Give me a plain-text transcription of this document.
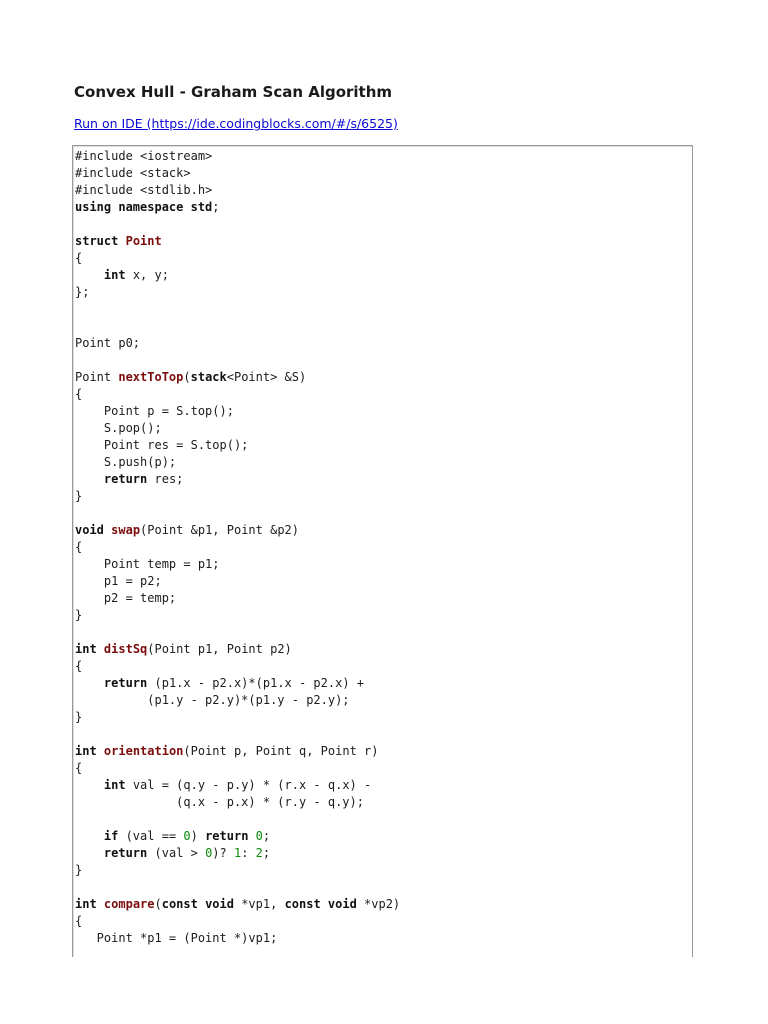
Convex Hull - Graham Scan Algorithm
Run on IDE (https://ide.codingblocks.com/#/s/6525)
#include <iostream>
#include <stack>
#include <stdlib.h>
using namespace std;

struct Point
{
int x, y;
};

Point p0;

Point nextToTop(stack<Point> &S)
{
Point p = S.top();
S.pop();
Point res = S.top();
S.push(p);
return res;
}

void swap(Point &p1, Point &p2)
{
Point temp = p1;
p1 = p2;
p2 = temp;
}

int distSq(Point p1, Point p2)
{
return (p1.x - p2.x)*(p1.x - p2.x) +
(p1.y - p2.y)*(p1.y - p2.y);
}

int orientation(Point p, Point q, Point r)
{
int val = (q.y - p.y) * (r.x - q.x) -
(q.x - p.x) * (r.y - q.y);

if (val == 0) return 0;
return (val > 0)? 1: 2;
}

int compare(const void *vp1, const void *vp2)
{
Point *p1 = (Point *)vp1;
